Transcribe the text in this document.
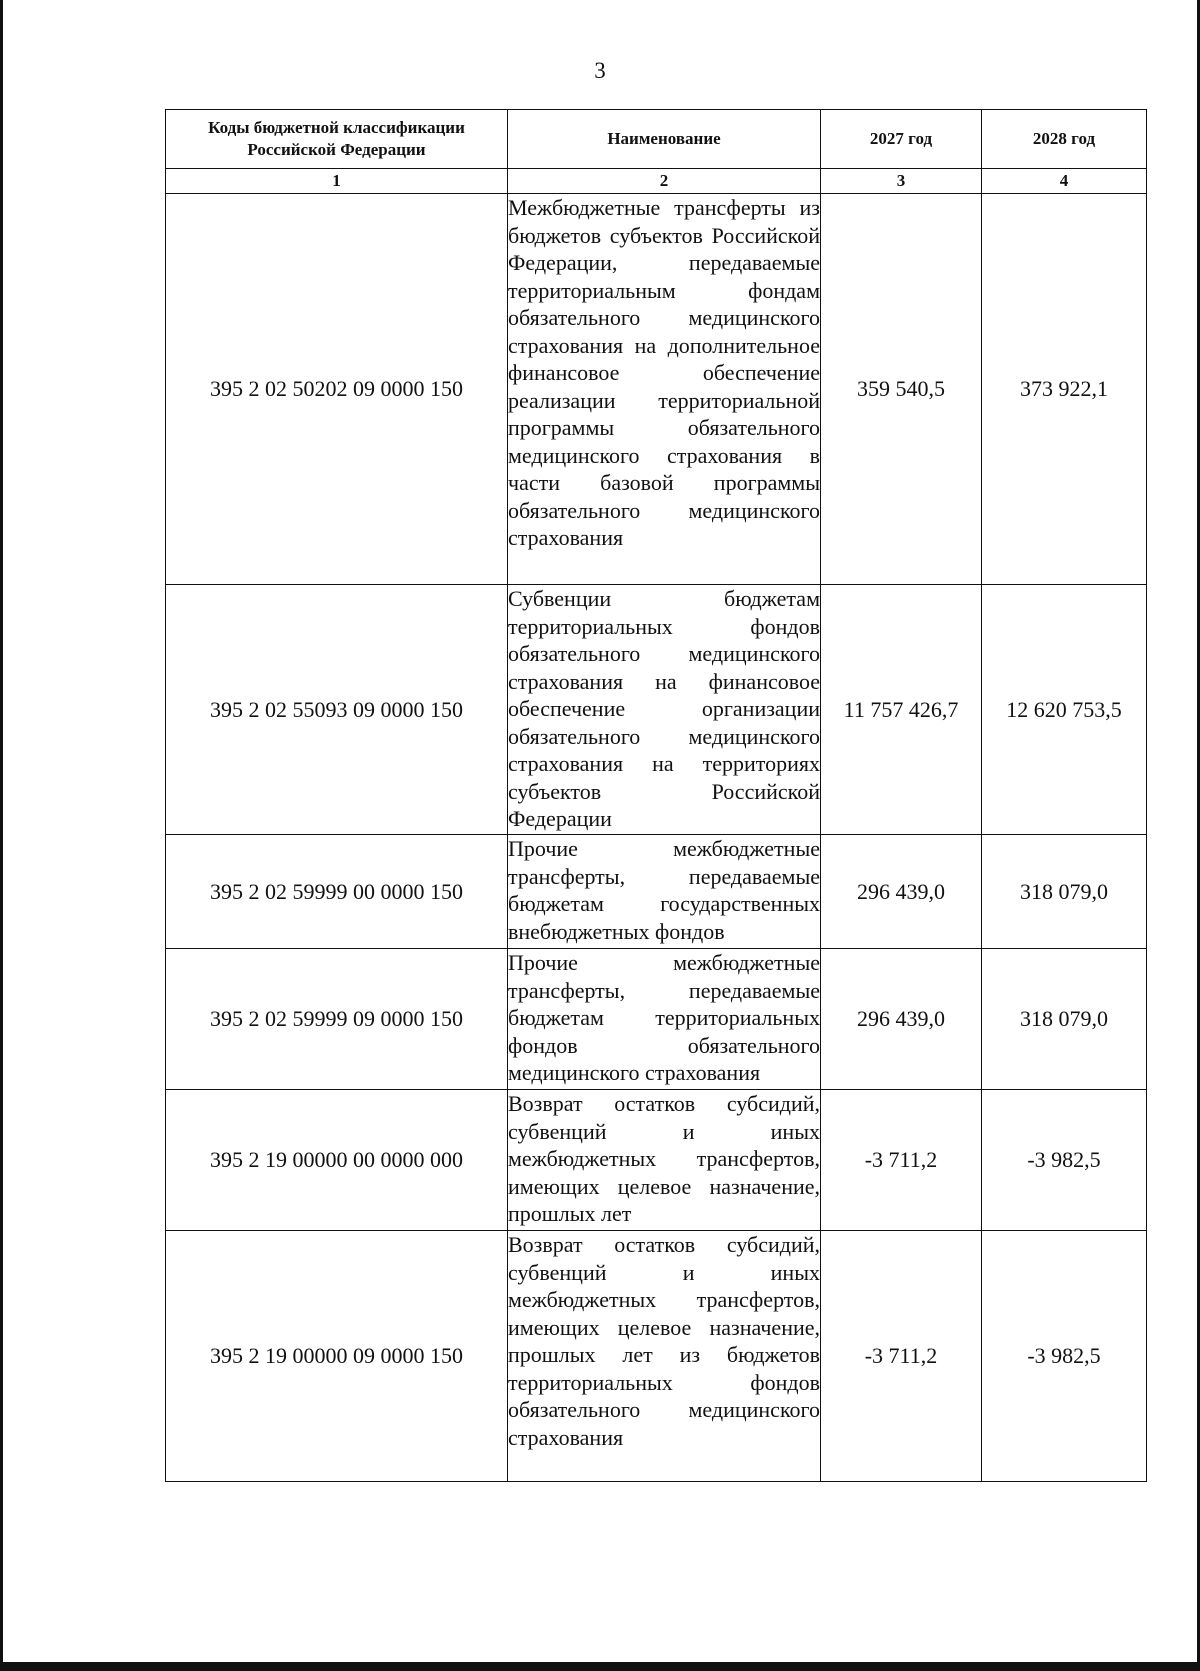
3
Коды бюджетной классификации Российской Федерации	Наименование	2027 год	2028 год
1	2	3	4
395 2 02 50202 09 0000 150	Межбюджетные трансферты из бюджетов субъектов Российской Федерации, передаваемые территориальным фондам обязательного медицинского страхования на дополнительное финансовое обеспечение реализации территориальной программы обязательного медицинского страхования в части базовой программы обязательного медицинского страхования	359 540,5	373 922,1
395 2 02 55093 09 0000 150	Субвенции бюджетам территориальных фондов обязательного медицинского страхования на финансовое обеспечение организации обязательного медицинского страхования на территориях субъектов Российской Федерации	11 757 426,7	12 620 753,5
395 2 02 59999 00 0000 150	Прочие межбюджетные трансферты, передаваемые бюджетам государственных внебюджетных фондов	296 439,0	318 079,0
395 2 02 59999 09 0000 150	Прочие межбюджетные трансферты, передаваемые бюджетам территориальных фондов обязательного медицинского страхования	296 439,0	318 079,0
395 2 19 00000 00 0000 000	Возврат остатков субсидий, субвенций и иных межбюджетных трансфертов, имеющих целевое назначение, прошлых лет	-3 711,2	-3 982,5
395 2 19 00000 09 0000 150	Возврат остатков субсидий, субвенций и иных межбюджетных трансфертов, имеющих целевое назначение, прошлых лет из бюджетов территориальных фондов обязательного медицинского страхования	-3 711,2	-3 982,5
